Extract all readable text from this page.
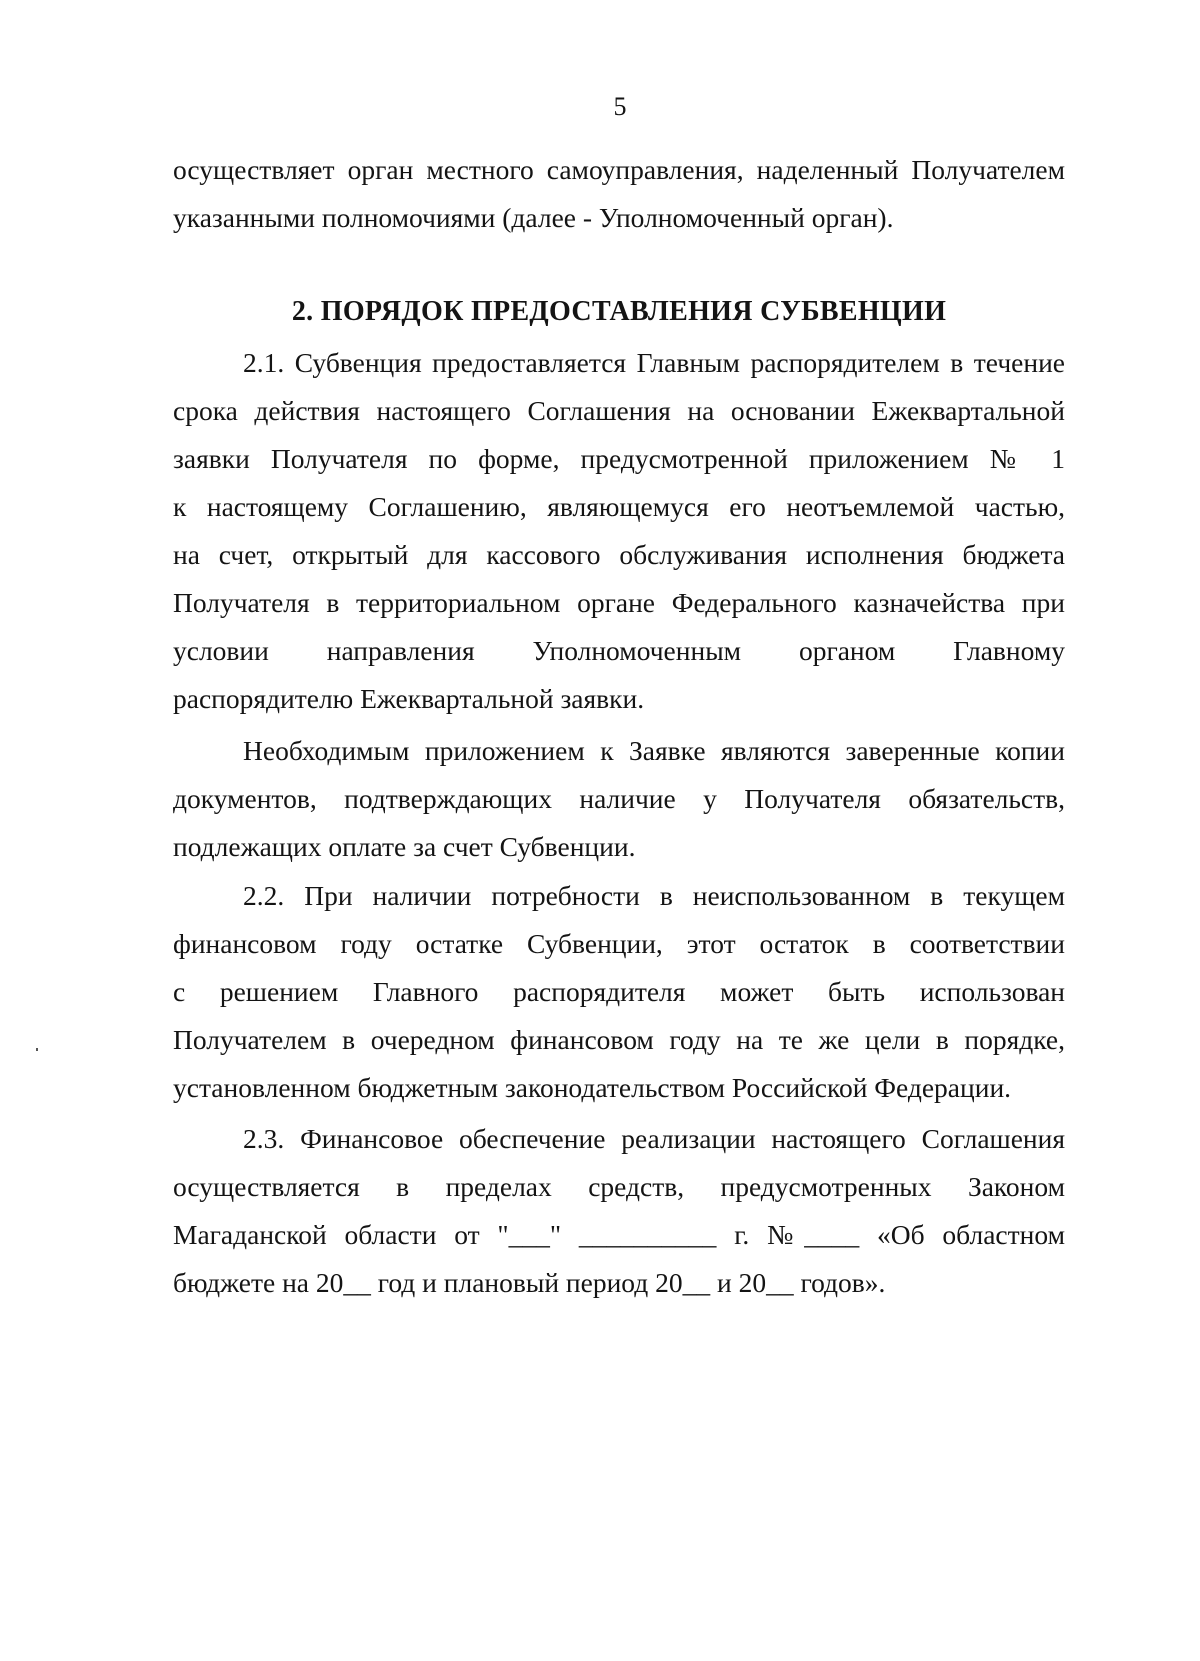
5
осуществляет орган местного самоуправления, наделенный Получателем
указанными полномочиями (далее - Уполномоченный орган).
2. ПОРЯДОК ПРЕДОСТАВЛЕНИЯ СУБВЕНЦИИ
2.1. Субвенция предоставляется Главным распорядителем в течение
срока действия настоящего Соглашения на основании Ежеквартальной
заявки Получателя по форме, предусмотренной приложением № 1
к настоящему Соглашению, являющемуся его неотъемлемой частью,
на счет, открытый для кассового обслуживания исполнения бюджета
Получателя в территориальном органе Федерального казначейства при
условии направления Уполномоченным органом Главному
распорядителю Ежеквартальной заявки.
Необходимым приложением к Заявке являются заверенные копии
документов, подтверждающих наличие у Получателя обязательств,
подлежащих оплате за счет Субвенции.
2.2. При наличии потребности в неиспользованном в текущем
финансовом году остатке Субвенции, этот остаток в соответствии
с решением Главного распорядителя может быть использован
Получателем в очередном финансовом году на те же цели в порядке,
установленном бюджетным законодательством Российской Федерации.
2.3. Финансовое обеспечение реализации настоящего Соглашения
осуществляется в пределах средств, предусмотренных Законом
Магаданской области от "___" __________ г. №____ «Об областном
бюджете на 20__ год и плановый период 20__ и 20__ годов».
